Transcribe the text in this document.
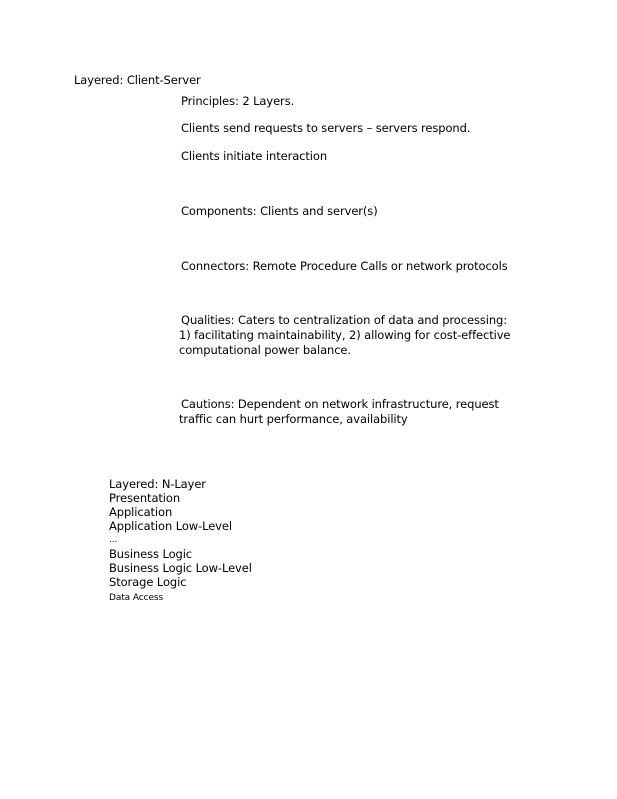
Layered: Client-Server
Principles: 2 Layers.
Clients send requests to servers – servers respond.
Clients initiate interaction
Components: Clients and server(s)
Connectors: Remote Procedure Calls or network protocols
Qualities: Caters to centralization of data and processing:
1) facilitating maintainability, 2) allowing for cost-effective
computational power balance.
Cautions: Dependent on network infrastructure, request
traffic can hurt performance, availability
Layered: N-Layer
Presentation
Application
Application Low-Level
...
Business Logic
Business Logic Low-Level
Storage Logic
Data Access
